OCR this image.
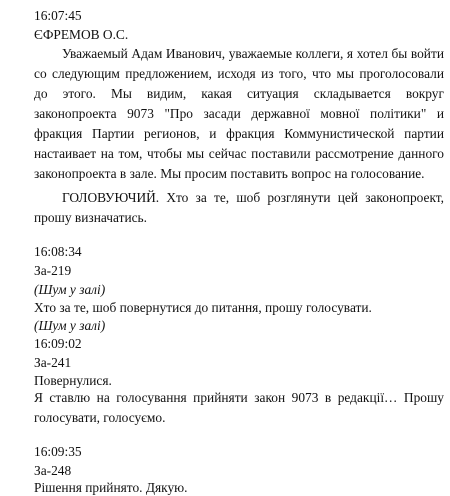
16:07:45
ЄФРЕМОВ О.С.
Уважаемый Адам Иванович, уважаемые коллеги, я хотел бы войти со следующим предложением, исходя из того, что мы проголосовали до этого. Мы видим, какая ситуация складывается вокруг законопроекта 9073 "Про засади державної мовної політики" и фракция Партии регионов, и фракция Коммунистической партии настаивает на том, чтобы мы сейчас поставили рассмотрение данного законопроекта в зале. Мы просим поставить вопрос на голосование.
ГОЛОВУЮЧИЙ. Хто за те, шоб розглянути цей законопроект, прошу визначатись.
16:08:34
За-219
(Шум у залі)
Хто за те, шоб повернутися до питання, прошу голосувати.
(Шум у залі)
16:09:02
За-241
Повернулися.
Я ставлю на голосування прийняти закон 9073 в редакції… Прошу голосувати, голосуємо.
16:09:35
За-248
Рішення прийнято. Дякую.
